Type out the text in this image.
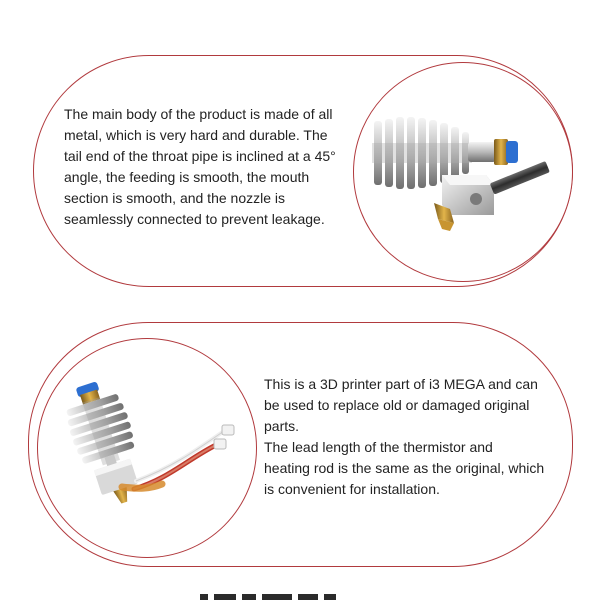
The main body of the product is made of all
metal, which is very hard and durable. The
tail end of the throat pipe is inclined at a 45°
angle, the feeding is smooth, the mouth
section is smooth, and the nozzle is
seamlessly connected to prevent leakage.

This is a 3D printer part of i3 MEGA and can
be used to replace old or damaged original
parts.
The lead length of the thermistor and
heating rod is the same as the original, which
is convenient for installation.
